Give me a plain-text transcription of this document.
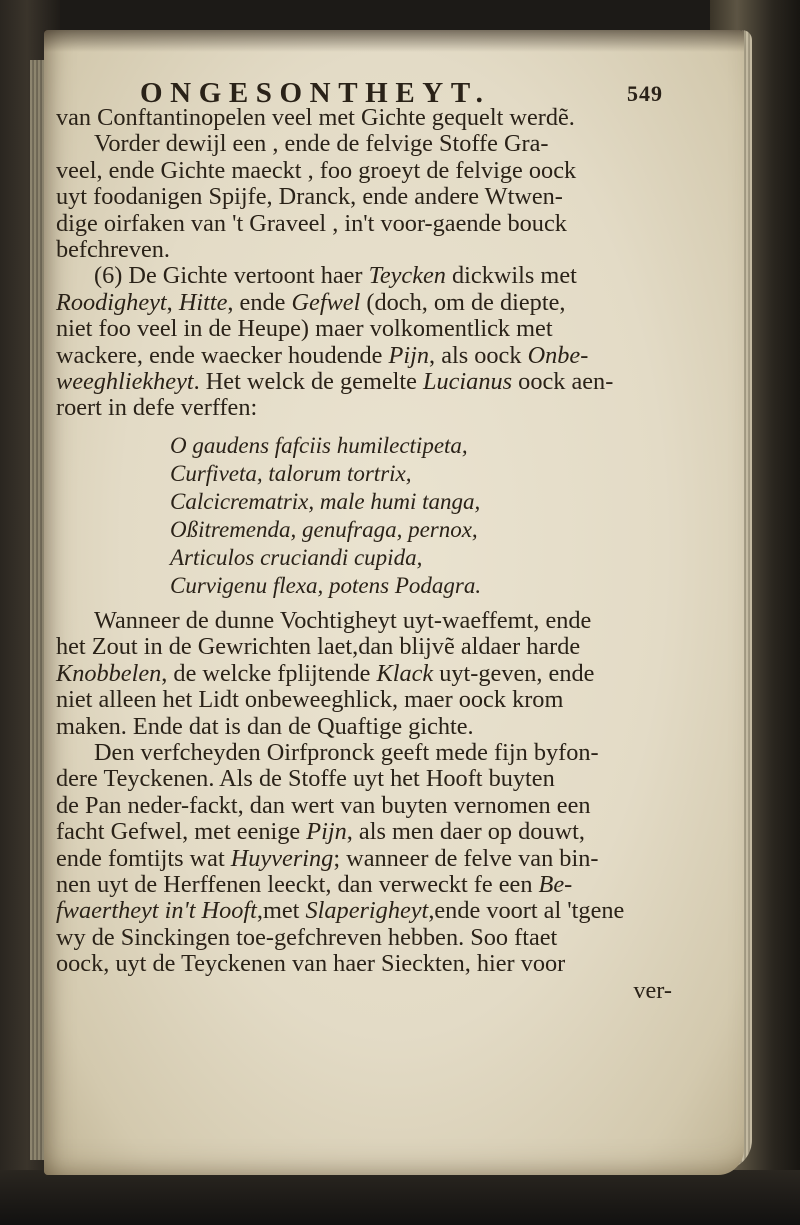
ONGESONTHEYT.	549
van Conftantinopelen veel met Gichte gequelt werdẽ.
Vorder dewijl een , ende de felvige Stoffe Gra-
veel, ende Gichte maeckt , foo groeyt de felvige oock
uyt foodanigen Spijfe, Dranck, ende andere Wtwen-
dige oirfaken van 't Graveel , in't voor-gaende bouck
befchreven.
(6) De Gichte vertoont haer Teycken dickwils met
Roodigheyt, Hitte, ende Gefwel (doch, om de diepte,
niet foo veel in de Heupe) maer volkomentlick met
wackere, ende waecker houdende Pijn, als oock Onbe-
weeghliekheyt. Het welck de gemelte Lucianus oock aen-
roert in defe verffen:
O gaudens fafciis humilectipeta,
Curfiveta, talorum tortrix,
Calcicrematrix, male humi tanga,
Oßitremenda, genufraga, pernox,
Articulos cruciandi cupida,
Curvigenu flexa, potens Podagra.
Wanneer de dunne Vochtigheyt uyt-waeffemt, ende
het Zout in de Gewrichten laet,dan blijvẽ aldaer harde
Knobbelen, de welcke fplijtende Klack uyt-geven, ende
niet alleen het Lidt onbeweeghlick, maer oock krom
maken. Ende dat is dan de Quaftige gichte.
Den verfcheyden Oirfpronck geeft mede fijn byfon-
dere Teyckenen. Als de Stoffe uyt het Hooft buyten
de Pan neder-fackt, dan wert van buyten vernomen een
facht Gefwel, met eenige Pijn, als men daer op douwt,
ende fomtijts wat Huyvering; wanneer de felve van bin-
nen uyt de Herffenen leeckt, dan verweckt fe een Be-
fwaertheyt in't Hooft,met Slaperigheyt,ende voort al 'tgene
wy de Sinckingen toe-gefchreven hebben. Soo ftaet
oock, uyt de Teyckenen van haer Sieckten, hier voor
ver-
